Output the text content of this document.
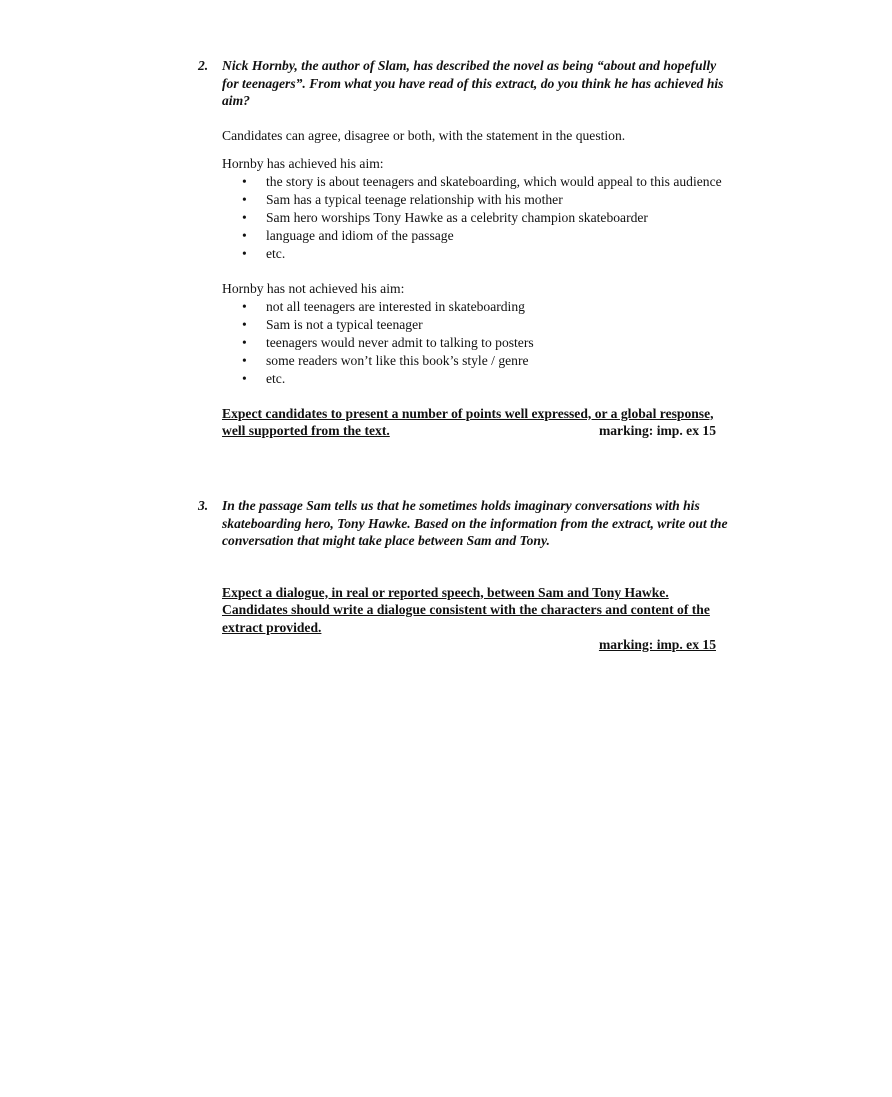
2. Nick Hornby, the author of Slam, has described the novel as being “about and hopefully for teenagers”. From what you have read of this extract, do you think he has achieved his aim?

Candidates can agree, disagree or both, with the statement in the question.

Hornby has achieved his aim:

• the story is about teenagers and skateboarding, which would appeal to this audience
• Sam has a typical teenage relationship with his mother
• Sam hero worships Tony Hawke as a celebrity champion skateboarder
• language and idiom of the passage
• etc.

Hornby has not achieved his aim:

• not all teenagers are interested in skateboarding
• Sam is not a typical teenager
• teenagers would never admit to talking to posters
• some readers won’t like this book’s style / genre
• etc.
Expect candidates to present a number of points well expressed, or a global response, well supported from the text.	marking: imp. ex 15
3. In the passage Sam tells us that he sometimes holds imaginary conversations with his skateboarding hero, Tony Hawke. Based on the information from the extract, write out the conversation that might take place between Sam and Tony.
Expect a dialogue, in real or reported speech, between Sam and Tony Hawke. Candidates should write a dialogue consistent with the characters and content of the extract provided.
marking: imp. ex 15
